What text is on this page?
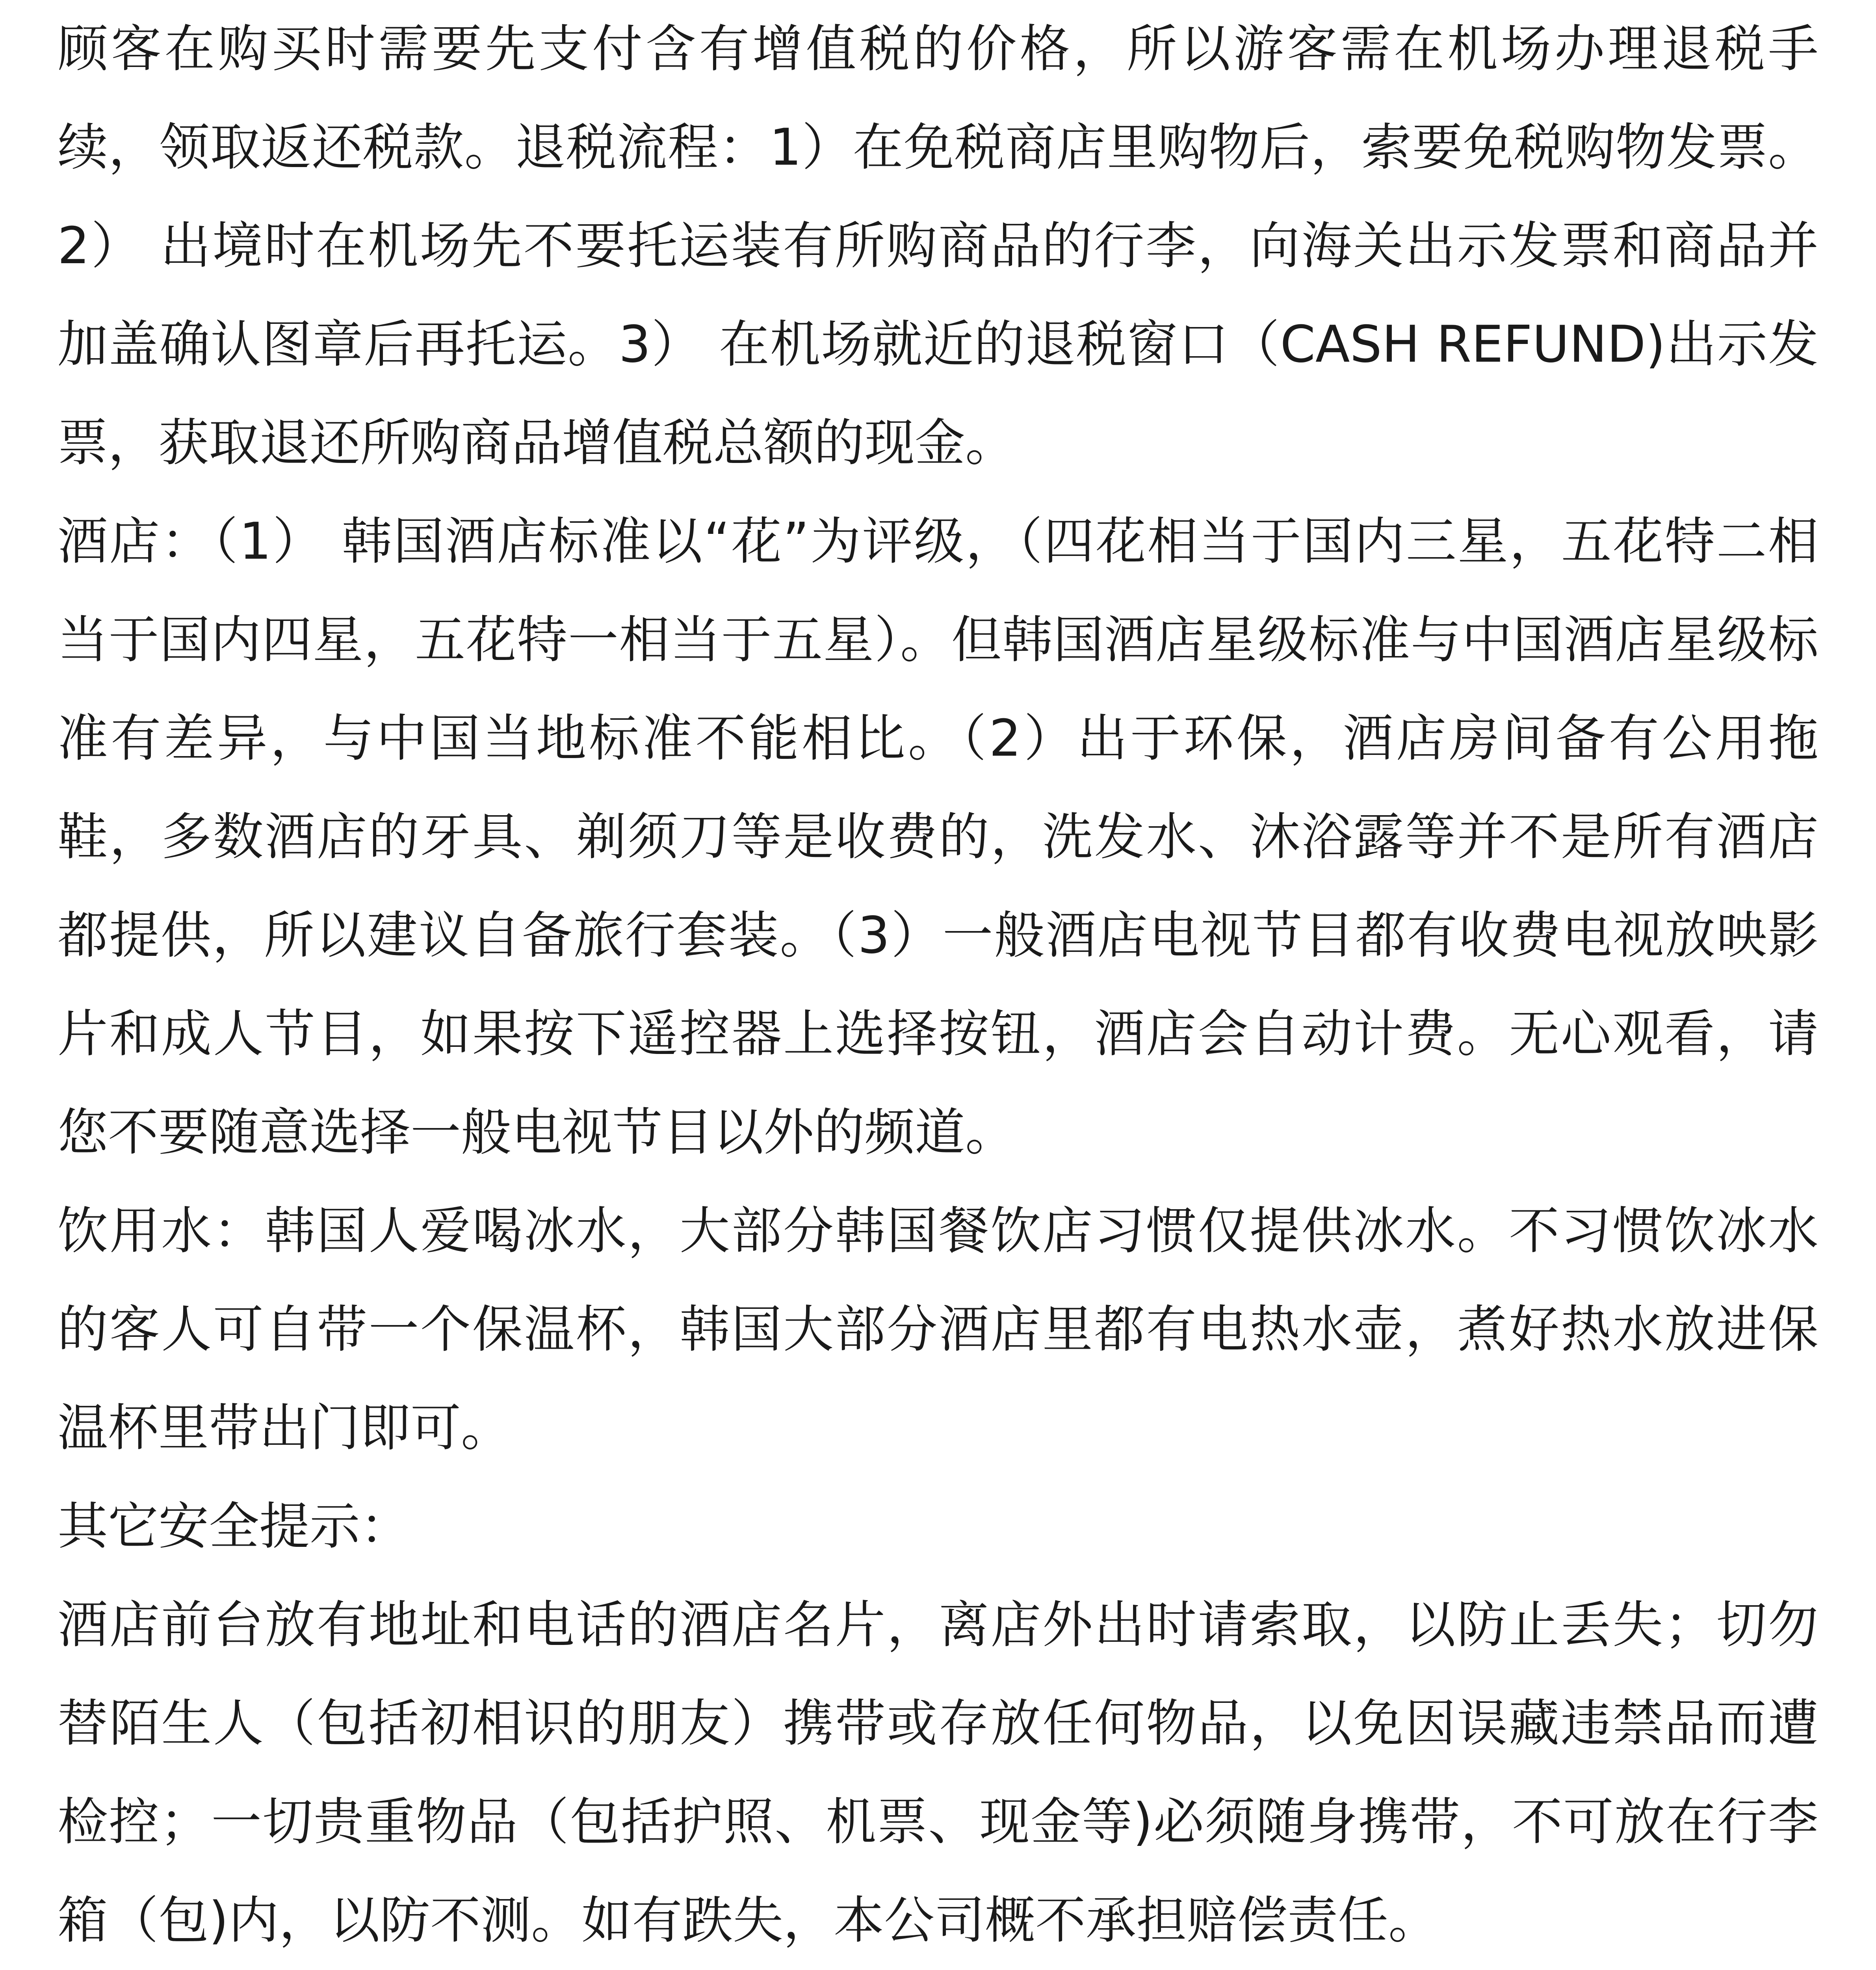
顾客在购买时需要先支付含有增值税的价格，所以游客需在机场办理退税手续，领取返还税款。退税流程：1）在免税商店里购物后，索要免税购物发票。2） 出境时在机场先不要托运装有所购商品的行李，向海关出示发票和商品并加盖确认图章后再托运。3） 在机场就近的退税窗口（CASH REFUND)出示发票，获取退还所购商品增值税总额的现金。

酒店：（1） 韩国酒店标准以“花”为评级，（四花相当于国内三星，五花特二相当于国内四星，五花特一相当于五星）。但韩国酒店星级标准与中国酒店星级标准有差异，与中国当地标准不能相比。（2）出于环保，酒店房间备有公用拖鞋，多数酒店的牙具、剃须刀等是收费的，洗发水、沐浴露等并不是所有酒店都提供，所以建议自备旅行套装。（3）一般酒店电视节目都有收费电视放映影片和成人节目，如果按下遥控器上选择按钮，酒店会自动计费。无心观看，请您不要随意选择一般电视节目以外的频道。

饮用水：韩国人爱喝冰水，大部分韩国餐饮店习惯仅提供冰水。不习惯饮冰水的客人可自带一个保温杯，韩国大部分酒店里都有电热水壶，煮好热水放进保温杯里带出门即可。

其它安全提示：

酒店前台放有地址和电话的酒店名片，离店外出时请索取，以防止丢失；切勿替陌生人（包括初相识的朋友）携带或存放任何物品，以免因误藏违禁品而遭检控；一切贵重物品（包括护照、机票、现金等)必须随身携带，不可放在行李箱（包)内，以防不测。如有跌失，本公司概不承担赔偿责任。
